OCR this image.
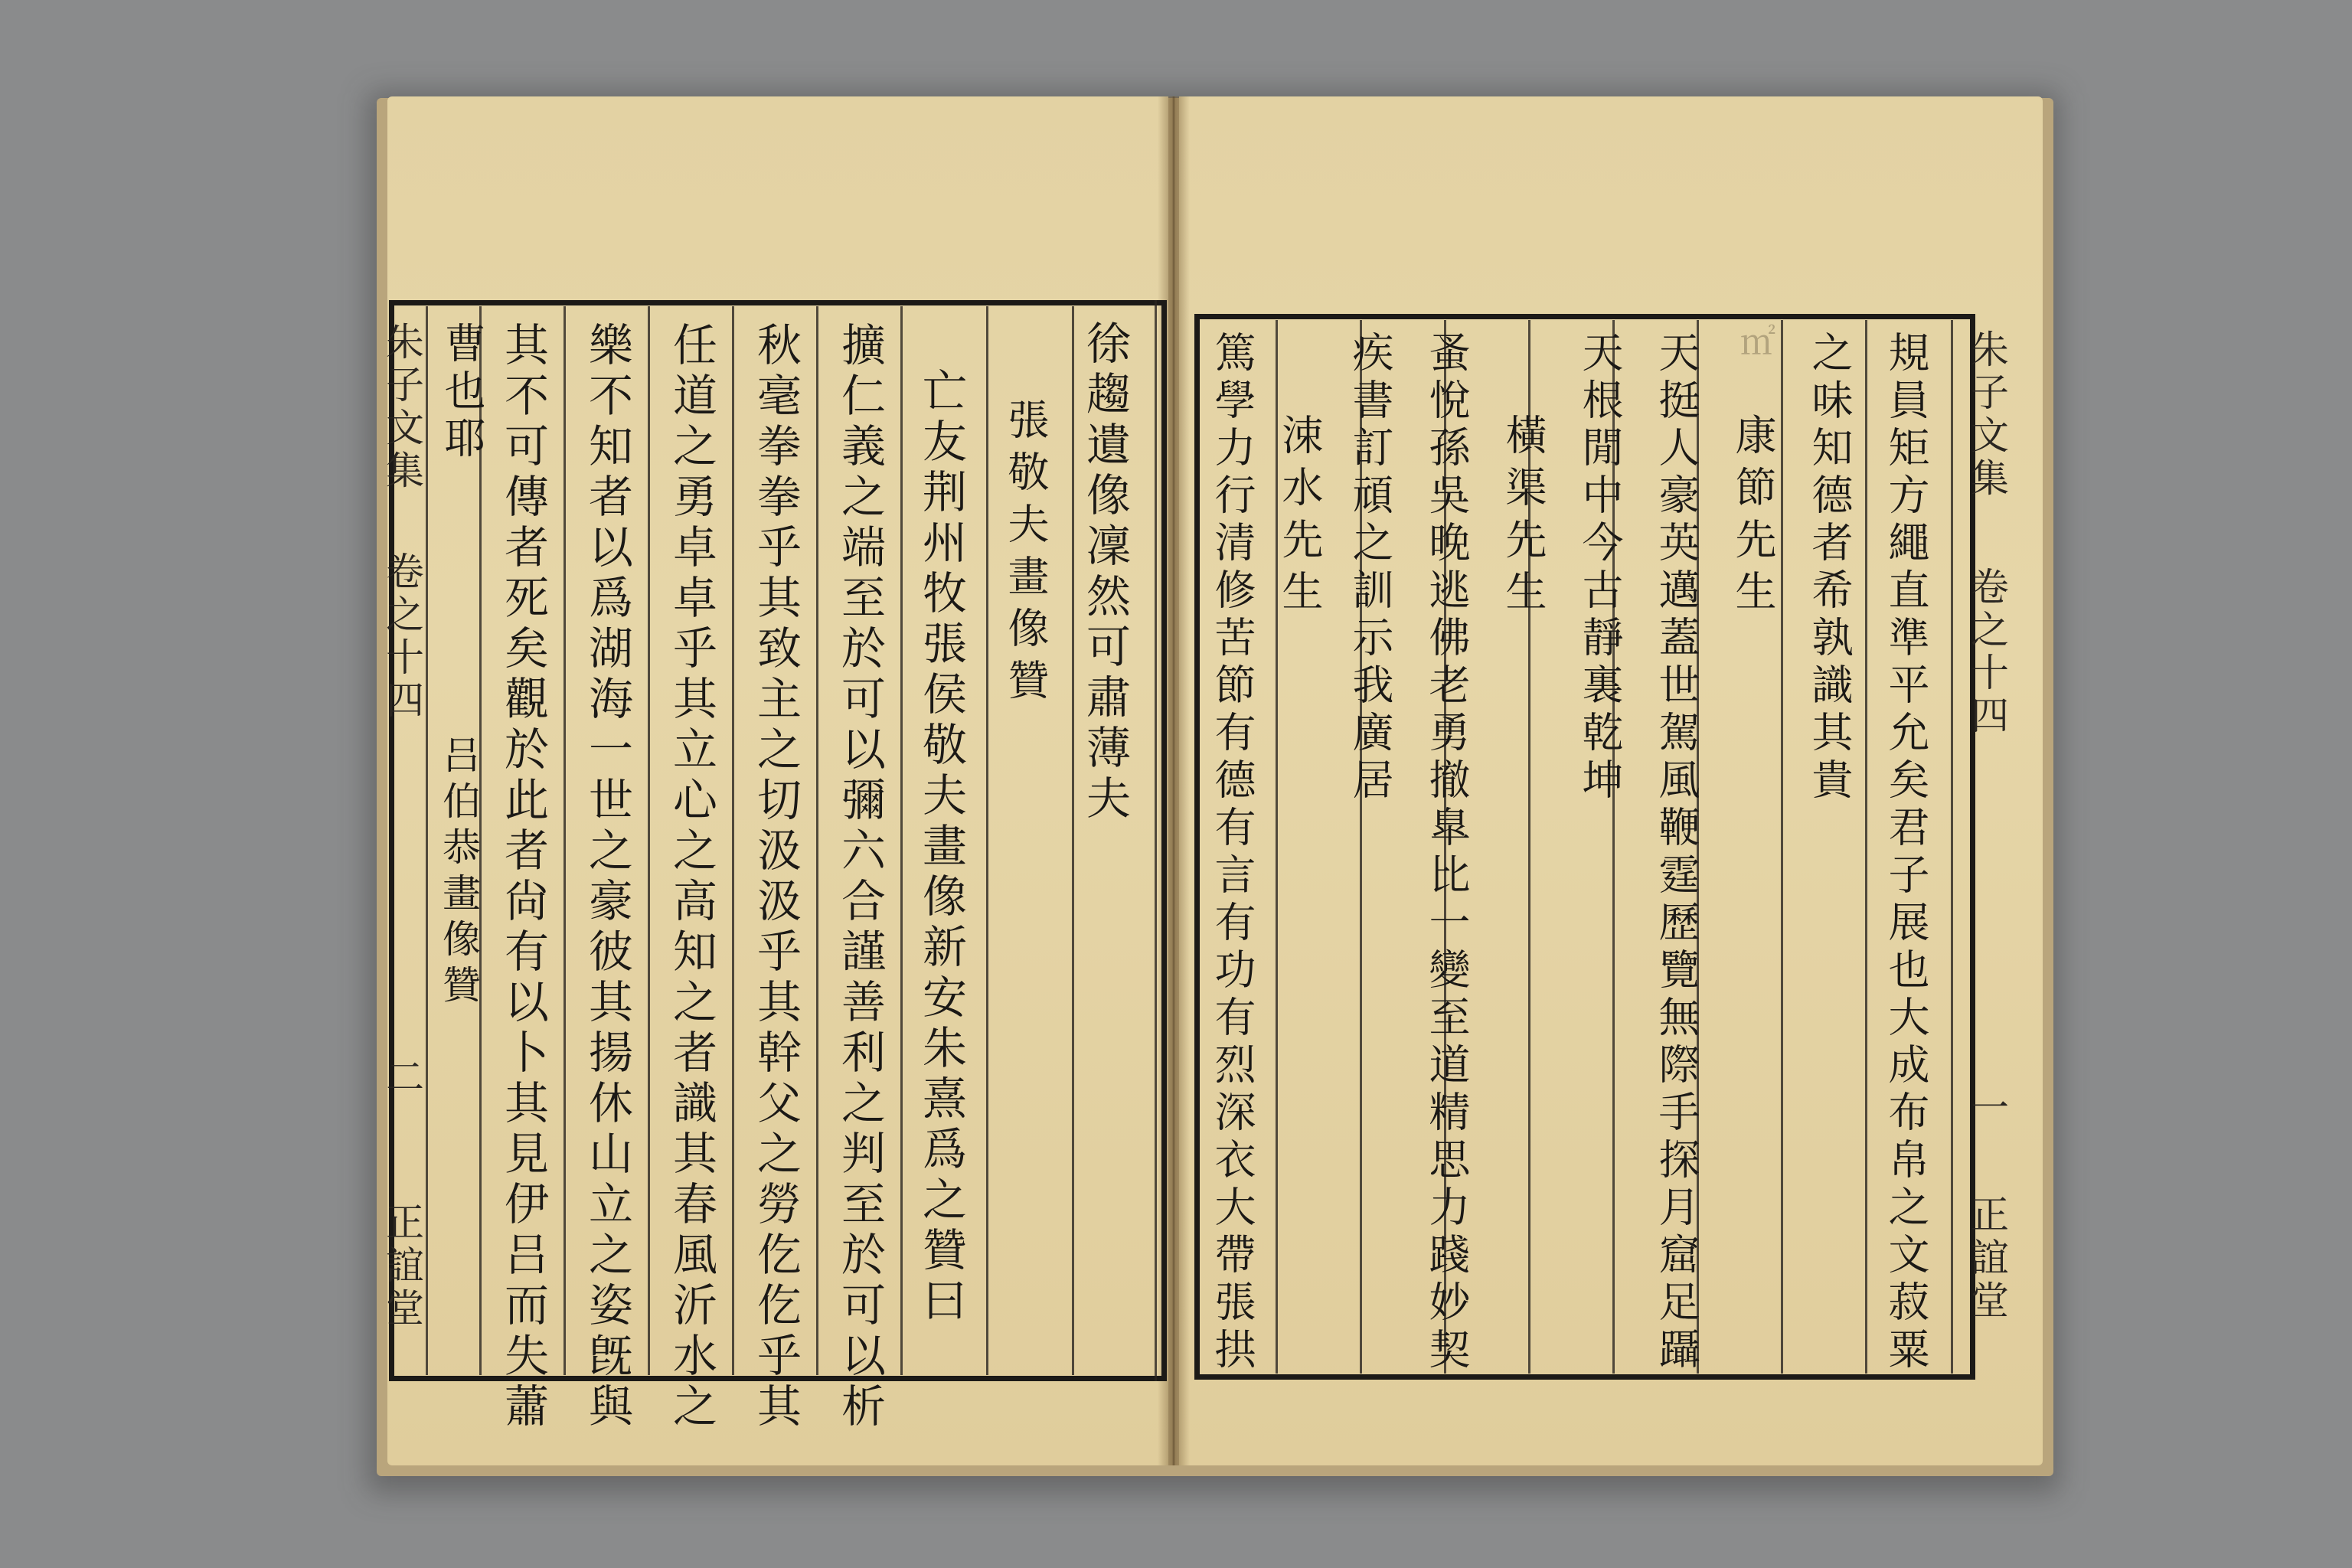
㎡
徐趨遺像凜然可肅薄夫
張敬夫畫像贊
亡友荆州牧張侯敬夫畫像新安朱熹爲之贊曰
擴仁義之端至於可以彌六合謹善利之判至於可以析
秋毫拳拳乎其致主之切汲汲乎其幹父之勞仡仡乎其
任道之勇卓卓乎其立心之高知之者識其春風沂水之
樂不知者以爲湖海一世之豪彼其揚休山立之姿旣與
其不可傳者死矣觀於此者尙有以卜其見伊吕而失蕭
朱子文集
卷之十四
二
正誼堂
曹也耶
吕伯恭畫像贊	規員矩方繩直準平允矣君子展也大成布帛之文菽粟
之味知德者希孰識其貴
康節先生
天挺人豪英邁蓋世駕風鞭霆歷覽無際手探月窟足躡
天根閒中今古靜裏乾坤
橫渠先生
蚤悅孫吳晚逃佛老勇撤臯比一變至道精思力踐妙契
疾書訂頑之訓示我廣居	朱子文集
卷之十四
一
正誼堂
涑水先生
篤學力行清修苦節有德有言有功有烈深衣大帶張拱
